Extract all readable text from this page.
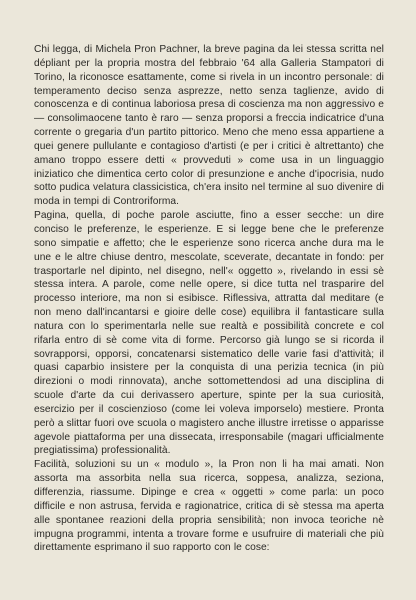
Chi legga, di Michela Pron Pachner, la breve pagina da lei stessa scritta nel dépliant per la propria mostra del febbraio '64 alla Galleria Stampatori di Torino, la riconosce esattamente, come si rivela in un incontro personale: di temperamento deciso senza asprezze, netto senza taglienze, avido di conoscenza e di continua laboriosa presa di coscienza ma non aggressivo e — consolimaocene tanto è raro — senza proporsi a freccia indicatrice d'una corrente o gregaria d'un partito pittorico. Meno che meno essa appartiene a quei genere pullulante e contagioso d'artisti (e per i critici è altrettanto) che amano troppo essere detti « provveduti » come usa in un linguaggio iniziatico che dimentica certo color di presunzione e anche d'ipocrisia, nudo sotto pudica velatura classicistica, ch'era insito nel termine al suo divenire di moda in tempi di Controriforma.

Pagina, quella, di poche parole asciutte, fino a esser secche: un dire conciso le preferenze, le esperienze. E si legge bene che le preferenze sono simpatie e affetto; che le esperienze sono ricerca anche dura ma le une e le altre chiuse dentro, mescolate, sceverate, decantate in fondo: per trasportarle nel dipinto, nel disegno, nell'« oggetto », rivelando in essi sè stessa intera. A parole, come nelle opere, si dice tutta nel trasparire del processo interiore, ma non si esibisce. Riflessiva, attratta dal meditare (e non meno dall'incantarsi e gioire delle cose) equilibra il fantasticare sulla natura con lo sperimentarla nelle sue realtà e possibilità concrete e col rifarla entro di sè come vita di forme. Percorso già lungo se si ricorda il sovrapporsi, opporsi, concatenarsi sistematico delle varie fasi d'attività; il quasi caparbio insistere per la conquista di una perizia tecnica (in più direzioni o modi rinnovata), anche sottomettendosi ad una disciplina di scuole d'arte da cui derivassero aperture, spinte per la sua curiosità, esercizio per il coscienzioso (come lei voleva imporselo) mestiere. Pronta però a slittar fuori ove scuola o magistero anche illustre irretisse o apparisse agevole piattaforma per una dissecata, irresponsabile (magari ufficialmente pregiatissima) professionalità.

Facilità, soluzioni su un « modulo », la Pron non li ha mai amati. Non assorta ma assorbita nella sua ricerca, soppesa, analizza, seziona, differenzia, riassume. Dipinge e crea « oggetti » come parla: un poco difficile e non astrusa, fervida e ragionatrice, critica di sè stessa ma aperta alle spontanee reazioni della propria sensibilità; non invoca teoriche nè impugna programmi, intenta a trovare forme e usufruire di materiali che più direttamente esprimano il suo rapporto con le cose:
